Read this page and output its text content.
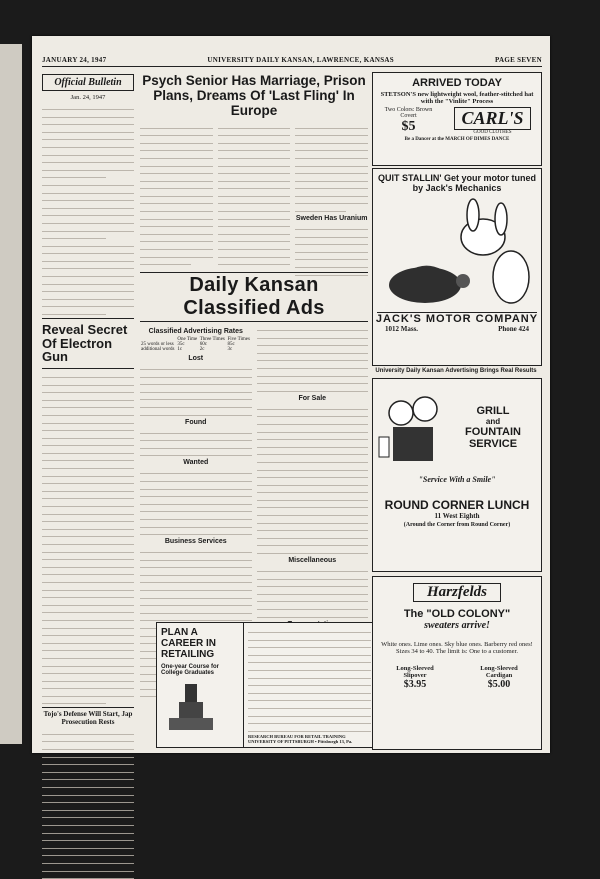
JANUARY 24, 1947	UNIVERSITY DAILY KANSAN, LAWRENCE, KANSAS	PAGE SEVEN
Official Bulletin
Jan. 24, 1947
Reveal Secret Of Electron Gun
Tojo's Defense Will Start, Jap Prosecution Rests
Psych Senior Has Marriage, Prison Plans, Dreams Of 'Last Fling' In Europe
Sweden Has Uranium
Daily Kansan Classified Ads
Classified Advertising Rates
	One Time	Three Times	Five Times
25 words or less	35c	60c	85c
additional words	1c	2c	3c
Lost
Found
Wanted
Business Services
For Sale
Miscellaneous
PLAN A CAREER IN RETAILING
One-year Course for College Graduates
RESEARCH BUREAU FOR RETAIL TRAINING UNIVERSITY OF PITTSBURGH • Pittsburgh 13, Pa.
ARRIVED TODAY
STETSON'S new lightweight wool, feather-stitched hat with the "Vinlite" Process
Two Colors: Brown Covert
$5	CARL'S
GOOD CLOTHES
Be a Dancer at the MARCH OF DIMES DANCE
QUIT STALLIN' Get your motor tuned by Jack's Mechanics
JACK'S MOTOR COMPANY
1012 Mass.	Phone 424
University Daily Kansan Advertising Brings Real Results
GRILL
and
FOUNTAIN
SERVICE
"Service With a Smile"
ROUND CORNER LUNCH
11 West Eighth
(Around the Corner from Round Corner)
Harzfelds
The "OLD COLONY"
sweaters arrive!
White ones. Lime ones. Sky blue ones. Barberry red ones! Sizes 34 to 40. The limit is: One to a customer.
Long-Sleeved Slipover
$3.95
Long-Sleeved Cardigan
$5.00
